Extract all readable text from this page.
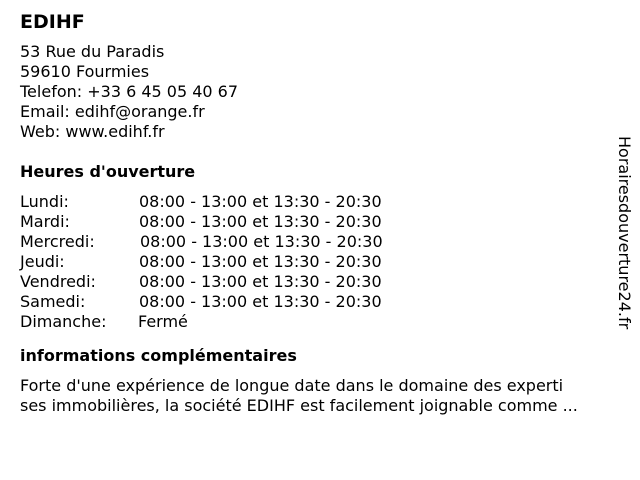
EDIHF
53 Rue du Paradis
59610 Fourmies
Telefon: +33 6 45 05 40 67
Email: edihf@orange.fr
Web: www.edihf.fr
Heures d'ouverture
Lundi:	08:00 - 13:00 et 13:30 - 20:30
Mardi:	08:00 - 13:00 et 13:30 - 20:30
Mercredi:	08:00 - 13:00 et 13:30 - 20:30
Jeudi:	08:00 - 13:00 et 13:30 - 20:30
Vendredi:	08:00 - 13:00 et 13:30 - 20:30
Samedi:	08:00 - 13:00 et 13:30 - 20:30
Dimanche: Fermé
informations complémentaires
Forte d'une expérience de longue date dans le domaine des experti
ses immobilières, la société EDIHF est facilement joignable comme ...
Horairesdouverture24.fr
